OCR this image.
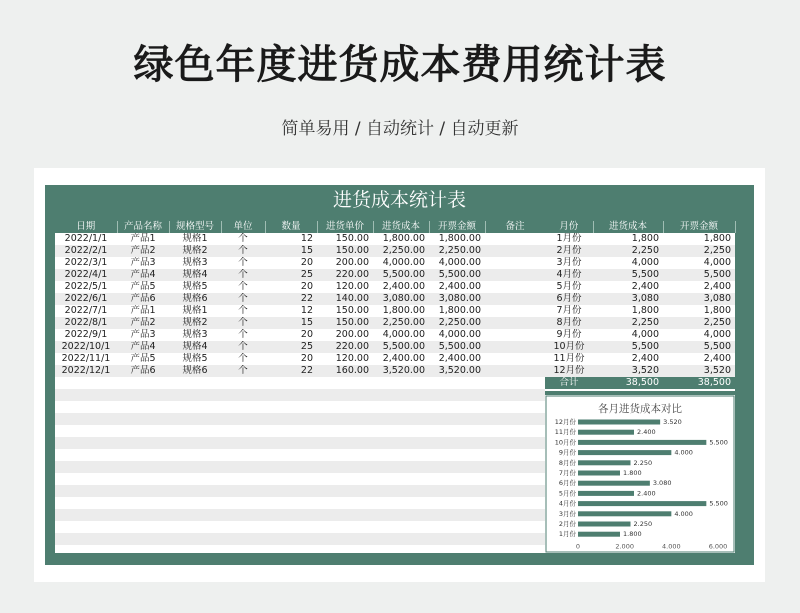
绿色年度进货成本费用统计表
简单易用 / 自动统计 / 自动更新
进货成本统计表
日期	产品名称	规格型号	单位	数量	进货单价	进货成本	开票金额	备注
2022/1/1	产品1	规格1	个	12	150.00	1,800.00	1,800.00	
2022/2/1	产品2	规格2	个	15	150.00	2,250.00	2,250.00	
2022/3/1	产品3	规格3	个	20	200.00	4,000.00	4,000.00	
2022/4/1	产品4	规格4	个	25	220.00	5,500.00	5,500.00	
2022/5/1	产品5	规格5	个	20	120.00	2,400.00	2,400.00	
2022/6/1	产品6	规格6	个	22	140.00	3,080.00	3,080.00	
2022/7/1	产品1	规格1	个	12	150.00	1,800.00	1,800.00	
2022/8/1	产品2	规格2	个	15	150.00	2,250.00	2,250.00	
2022/9/1	产品3	规格3	个	20	200.00	4,000.00	4,000.00	
2022/10/1	产品4	规格4	个	25	220.00	5,500.00	5,500.00	
2022/11/1	产品5	规格5	个	20	120.00	2,400.00	2,400.00	
2022/12/1	产品6	规格6	个	22	160.00	3,520.00	3,520.00	

月份	进货成本	开票金额
1月份	1,800	1,800
2月份	2,250	2,250
3月份	4,000	4,000
4月份	5,500	5,500
5月份	2,400	2,400
6月份	3,080	3,080
7月份	1,800	1,800
8月份	2,250	2,250
9月份	4,000	4,000
10月份	5,500	5,500
11月份	2,400	2,400
12月份	3,520	3,520
合计	38,500	38,500
各月进货成本对比
12月份	3.520
11月份	2.400
10月份	5.500
9月份	4.000
8月份	2.250
7月份	1.800
6月份	3.080
5月份	2.400
4月份	5.500
3月份	4.000
2月份	2.250
1月份	1.800
0	2.000	4.000	6.000
